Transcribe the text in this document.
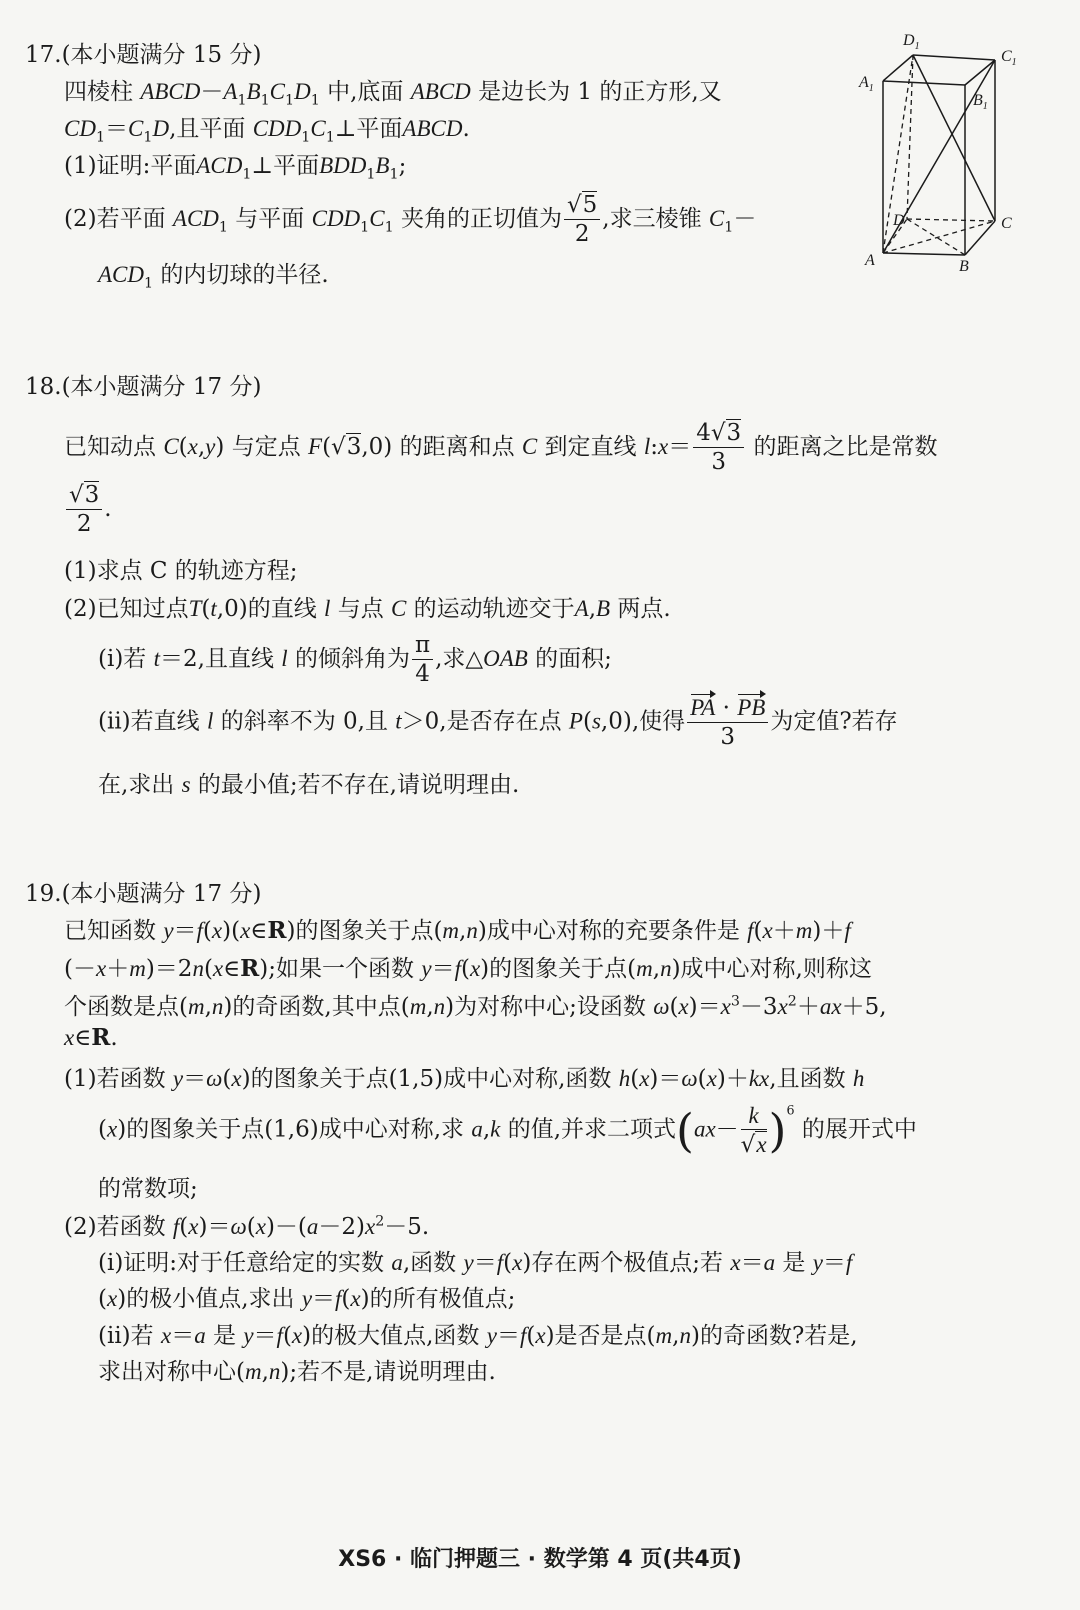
17.(本小题满分 15 分)
四棱柱 $ABCD-A_1B_1C_1D_1$ 中,底面 ABCD 是边长为 1 的正方形,又
$CD_1=C_1D$,且平面 $CDD_1C_1\perp$平面ABCD.
(1)证明:平面$ACD_1\perp$平面$BDD_1B_1$;
(2)若平面 $ACD_1$ 与平面 $CDD_1C_1$ 夹角的正切值为 $\frac{√5}{2}$ ,求三棱锥 $C_1-$
$ACD_1$ 的内切球的半径.
$D_1$
$C_1$
$A_1$
$B_1$
D	C
A	B
18.(本小题满分 17 分)
已知动点 C(x,y) 与定点 F(√3,0) 的距离和点 C 到定直线 l:x＝ $\frac{4√3}{3}$ 的距离之比是常数
$\frac{√3}{2}$ .
(1)求点 C 的轨迹方程;
(2)已知过点T(t,0)的直线 l 与点 C 的运动轨迹交于A,B 两点.
(ⅰ)若 t＝2,且直线 l 的倾斜角为 $\frac{\pi}{4}$ ,求△OAB 的面积;
(ⅱ)若直线 l 的斜率不为 0,且 t＞0,是否存在点 P(s,0),使得 $\frac{PA \cdot PB}{3}$ 为定值?若存
在,求出 s 的最小值;若不存在,请说明理由.
19.(本小题满分 17 分)
已知函数 y＝f(x)(x∈R)的图象关于点(m,n)成中心对称的充要条件是 f(x＋m)＋f
(－x＋m)＝2n(x∈R);如果一个函数 y＝f(x)的图象关于点(m,n)成中心对称,则称这
个函数是点(m,n)的奇函数,其中点(m,n)为对称中心;设函数 $\omega(x)=x^3-3x^2+ax+5$,
x∈R.
(1)若函数 y＝ω(x)的图象关于点(1,5)成中心对称,函数 h(x)＝ω(x)＋kx,且函数 h
(x)的图象关于点(1,6)成中心对称,求 a,k 的值,并求二项式$(ax- \frac{k}{√x} )^6$ 的展开式中
的常数项;
(2)若函数 $f(x)=\omega(x)-(a-2)x^2-5$.
(ⅰ)证明:对于任意给定的实数 a,函数 y＝f(x)存在两个极值点;若 x＝a 是 y＝f
(x)的极小值点,求出 y＝f(x)的所有极值点;
(ⅱ)若 x＝a 是 y＝f(x)的极大值点,函数 y＝f(x)是否是点(m,n)的奇函数?若是,
求出对称中心(m,n);若不是,请说明理由.
XS6 · 临门押题三 · 数学第 4 页(共4页)
